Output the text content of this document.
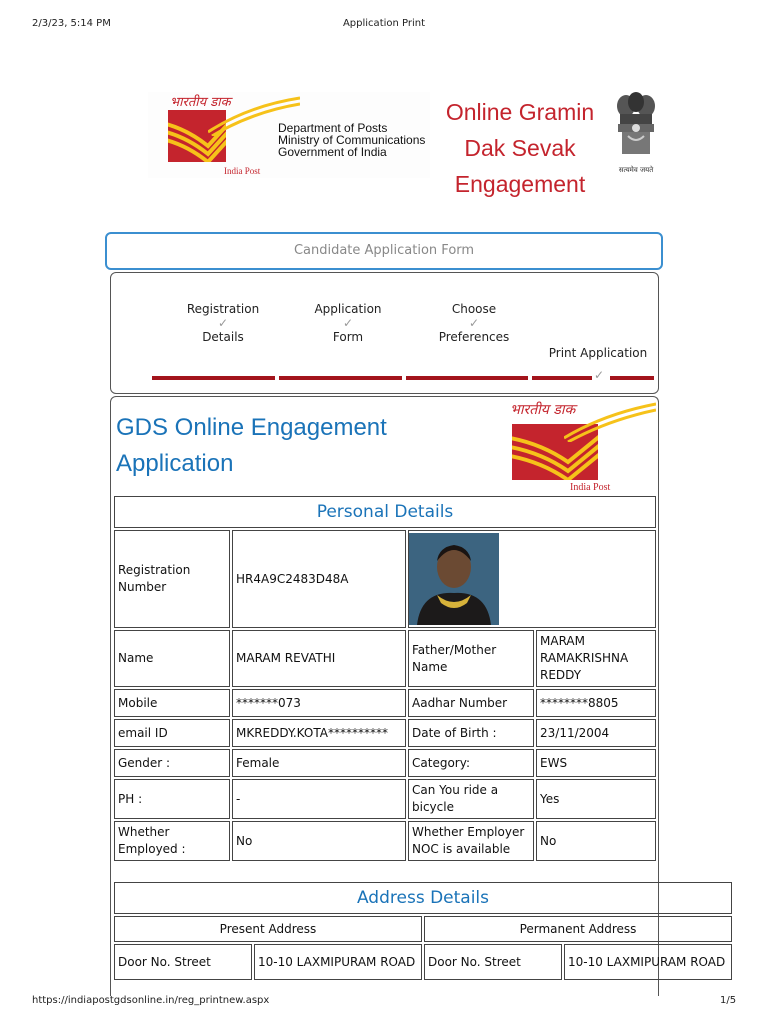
2/3/23, 5:14 PM	Application Print
भारतीय डाक
India Post
Department of Posts
Ministry of Communications
Government of India
Online Gramin
Dak Sevak
Engagement
सत्यमेव जयते
Candidate Application Form
Registration
✓
Details
Application
✓
Form
Choose
✓
Preferences
Print Application
✓
GDS Online Engagement
Application
भारतीय डाक
India Post
Personal Details			
Registration Number	HR4A9C2483D48A	

Name	MARAM REVATHI	Father/Mother Name	MARAM RAMAKRISHNA REDDY
Mobile	*******073	Aadhar Number	********8805
email ID	MKREDDY.KOTA**********	Date of Birth :	23/11/2004
Gender :	Female	Category:	EWS
PH :	-	Can You ride a bicycle	Yes
Whether Employed :	No	Whether Employer NOC is available	No
Address Details			
Present Address		Permanent Address	
Door No. Street	10-10 LAXMIPURAM ROAD	Door No. Street	10-10 LAXMIPURAM ROAD
https://indiapostgdsonline.in/reg_printnew.aspx	1/5
